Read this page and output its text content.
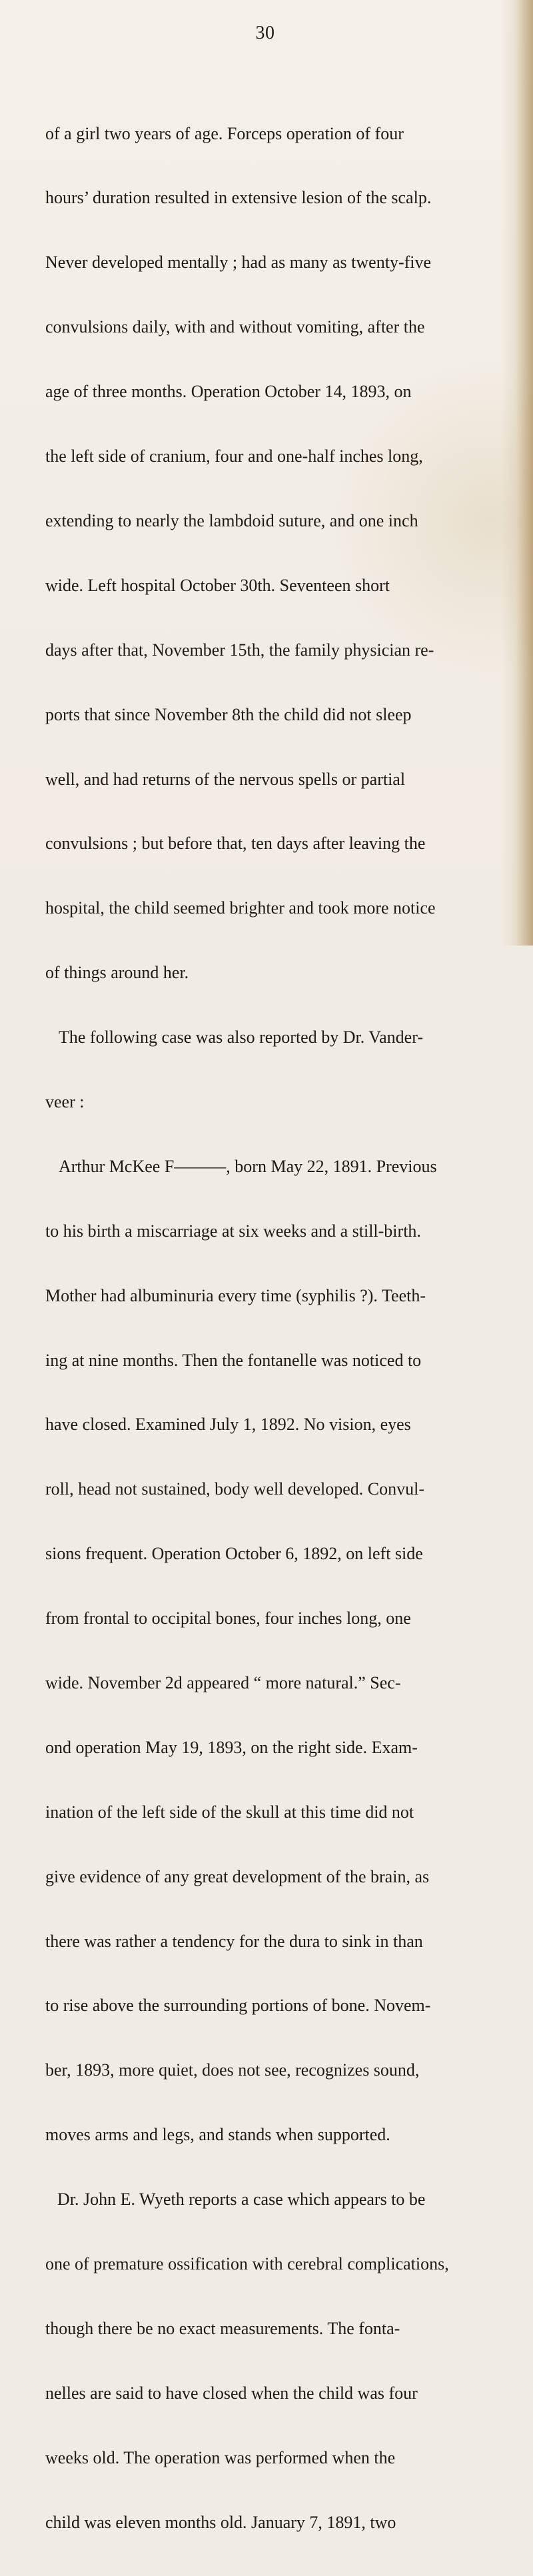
30

of a girl two years of age. Forceps operation of four

hours’ duration resulted in extensive lesion of the scalp.

Never developed mentally ; had as many as twenty-five

convulsions daily, with and without vomiting, after the

age of three months. Operation October 14, 1893, on

the left side of cranium, four and one-half inches long,

extending to nearly the lambdoid suture, and one inch

wide. Left hospital October 30th. Seventeen short

days after that, November 15th, the family physician re-

ports that since November 8th the child did not sleep

well, and had returns of the nervous spells or partial

convulsions ; but before that, ten days after leaving the

hospital, the child seemed brighter and took more notice

of things around her.

The following case was also reported by Dr. Vander-

veer :

Arthur McKee F———, born May 22, 1891. Previous

to his birth a miscarriage at six weeks and a still-birth.

Mother had albuminuria every time (syphilis ?). Teeth-

ing at nine months. Then the fontanelle was noticed to

have closed. Examined July 1, 1892. No vision, eyes

roll, head not sustained, body well developed. Convul-

sions frequent. Operation October 6, 1892, on left side

from frontal to occipital bones, four inches long, one

wide. November 2d appeared “ more natural.” Sec-

ond operation May 19, 1893, on the right side. Exam-

ination of the left side of the skull at this time did not

give evidence of any great development of the brain, as

there was rather a tendency for the dura to sink in than

to rise above the surrounding portions of bone. Novem-

ber, 1893, more quiet, does not see, recognizes sound,

moves arms and legs, and stands when supported.

Dr. John E. Wyeth reports a case which appears to be

one of premature ossification with cerebral complications,

though there be no exact measurements. The fonta-

nelles are said to have closed when the child was four

weeks old. The operation was performed when the

child was eleven months old. January 7, 1891, two
